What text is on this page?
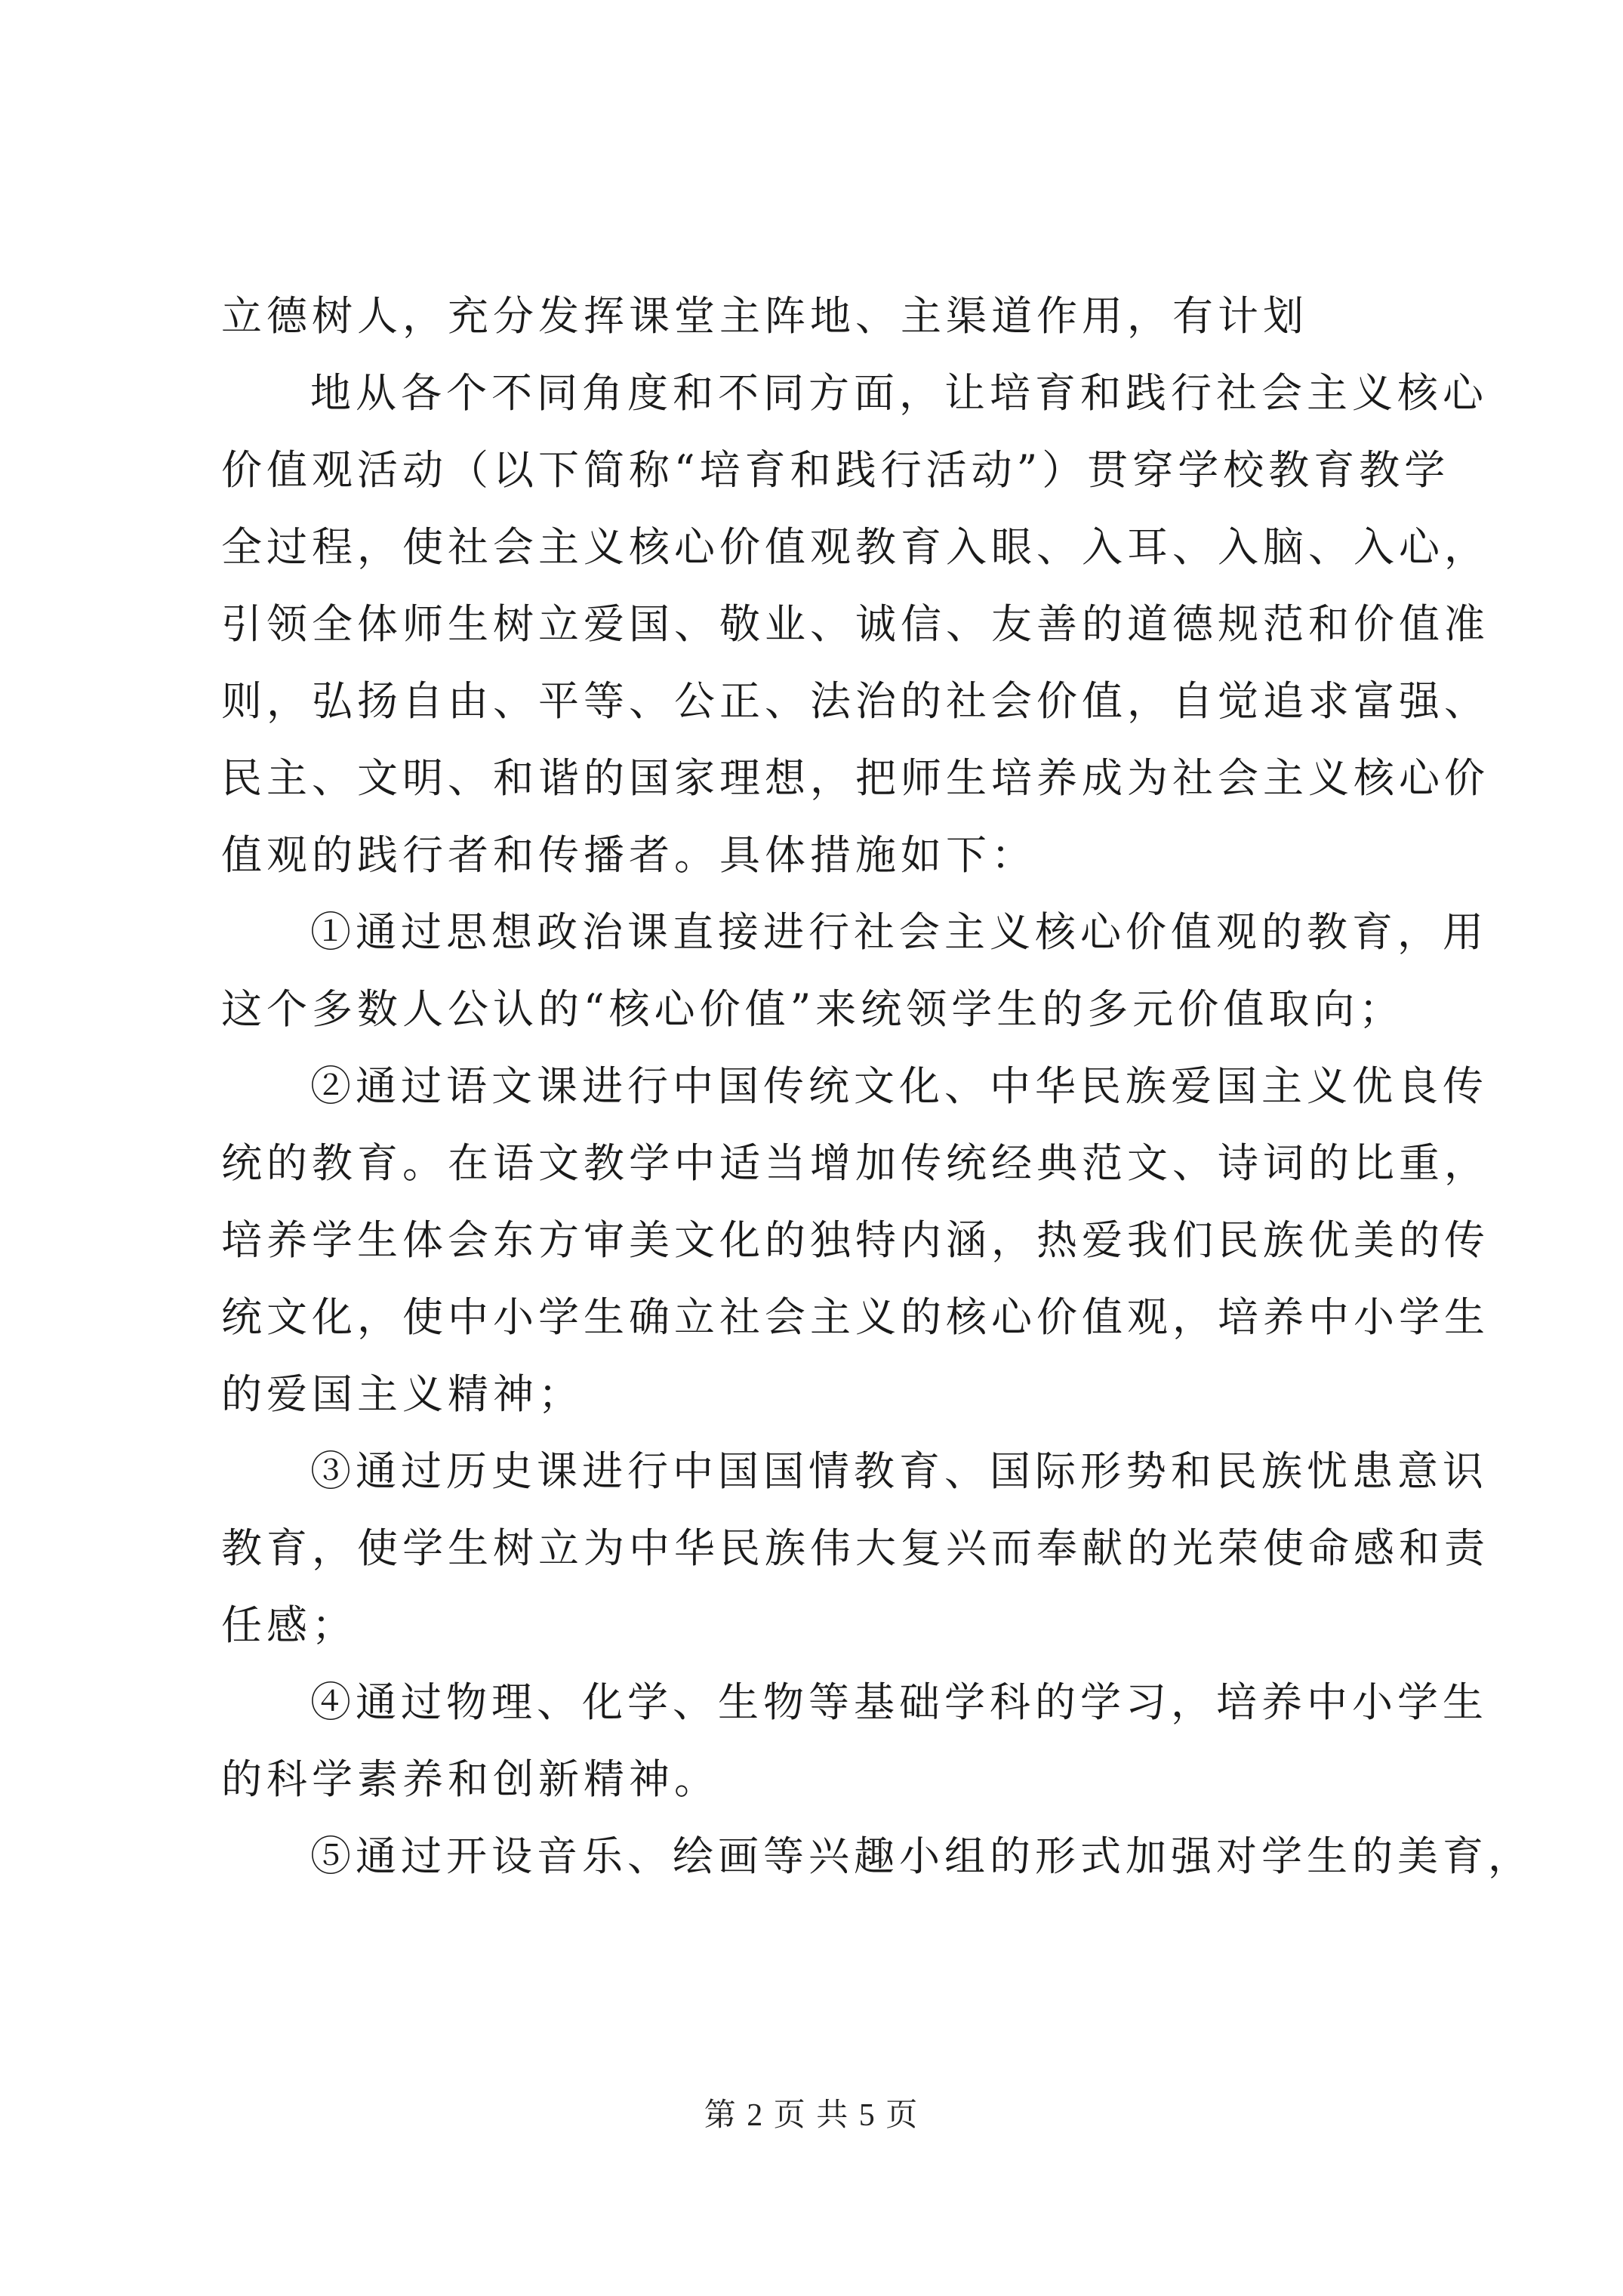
立德树人，充分发挥课堂主阵地、主渠道作用，有计划
地从各个不同角度和不同方面，让培育和践行社会主义核心
价值观活动（以下简称“培育和践行活动”）贯穿学校教育教学
全过程，使社会主义核心价值观教育入眼、入耳、入脑、入心，
引领全体师生树立爱国、敬业、诚信、友善的道德规范和价值准
则，弘扬自由、平等、公正、法治的社会价值，自觉追求富强、
民主、文明、和谐的国家理想，把师生培养成为社会主义核心价
值观的践行者和传播者。具体措施如下：
①通过思想政治课直接进行社会主义核心价值观的教育，用
这个多数人公认的“核心价值”来统领学生的多元价值取向；
②通过语文课进行中国传统文化、中华民族爱国主义优良传
统的教育。在语文教学中适当增加传统经典范文、诗词的比重，
培养学生体会东方审美文化的独特内涵，热爱我们民族优美的传
统文化，使中小学生确立社会主义的核心价值观，培养中小学生
的爱国主义精神；
③通过历史课进行中国国情教育、国际形势和民族忧患意识
教育，使学生树立为中华民族伟大复兴而奉献的光荣使命感和责
任感；
④通过物理、化学、生物等基础学科的学习，培养中小学生
的科学素养和创新精神。
⑤通过开设音乐、绘画等兴趣小组的形式加强对学生的美育，
第 2 页 共 5 页
